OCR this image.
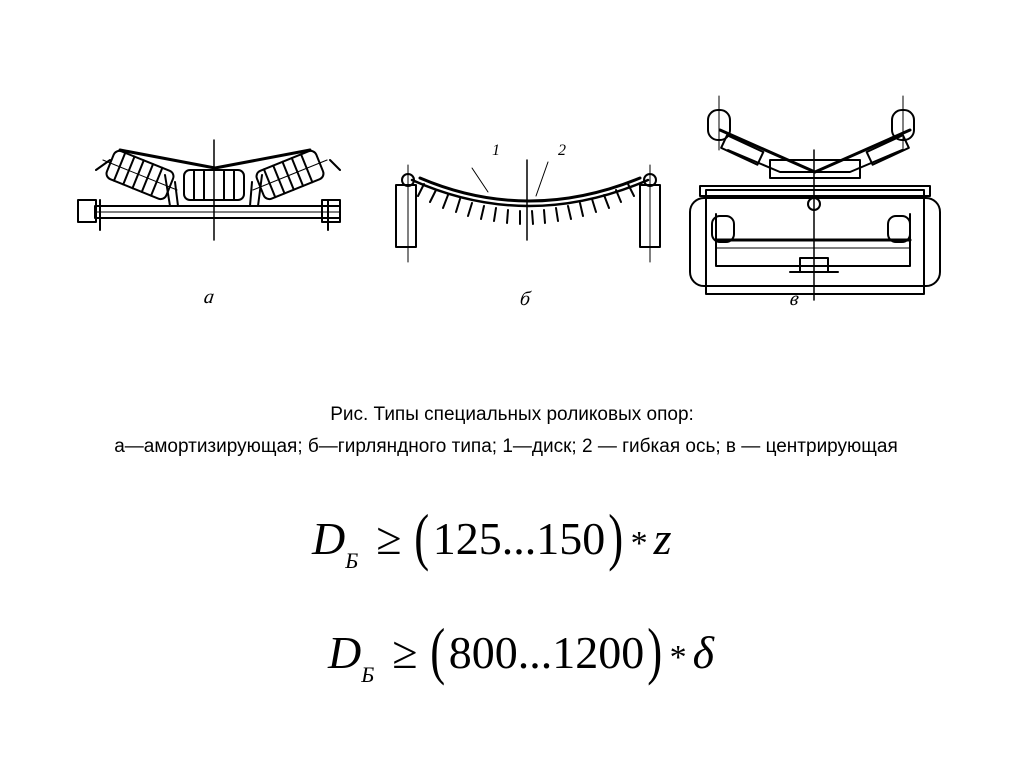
а	б	в
1	2
Рис. Типы специальных роликовых опор:
а—амортизирующая; б—гирляндного типа; 1—диск; 2 — гибкая ось; в — центрирующая
$D_Б \ge (125...150) * z$
$D_Б \ge (800...1200) * \delta$
